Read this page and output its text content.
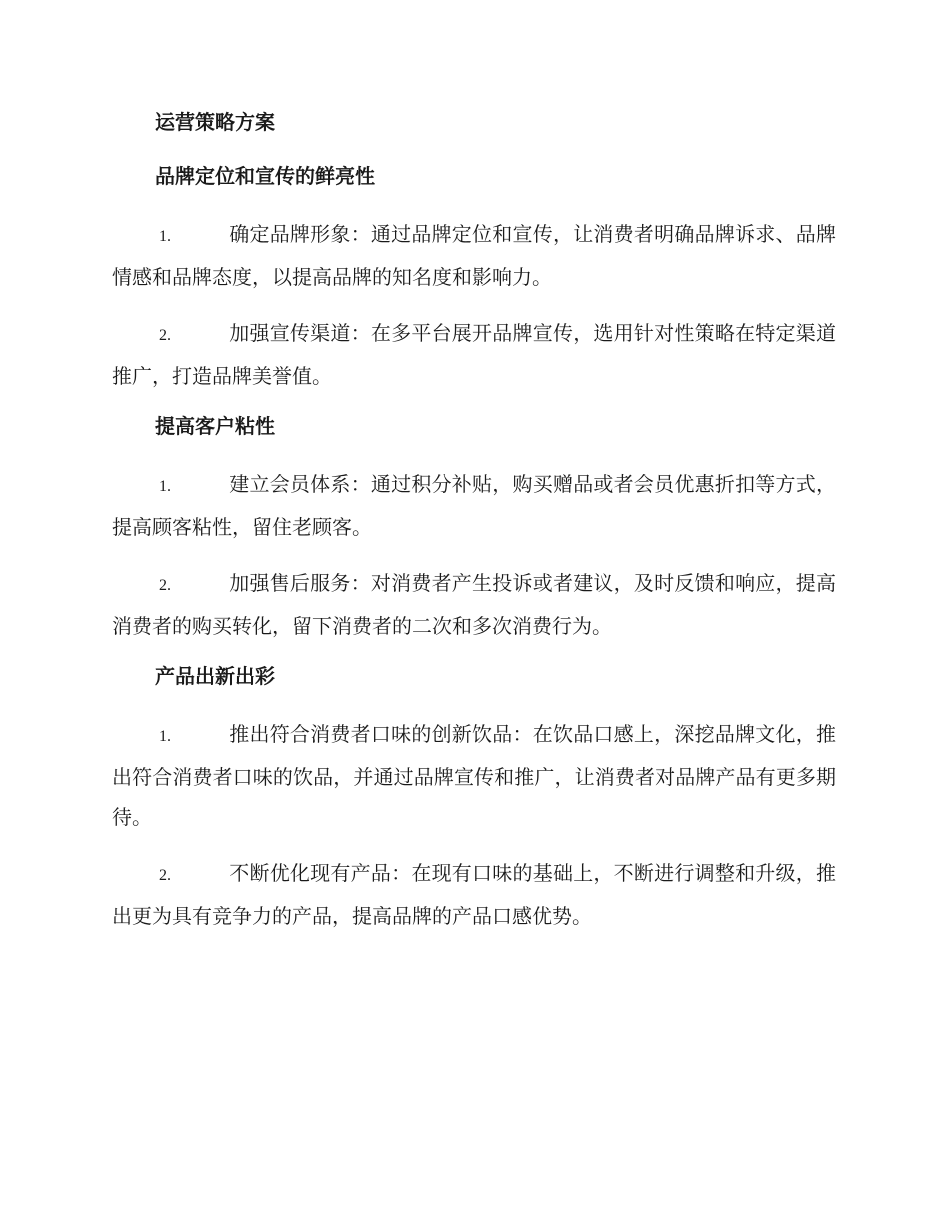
运营策略方案
品牌定位和宣传的鲜亮性

1.	确定品牌形象：通过品牌定位和宣传，让消费者明确品牌诉求、品牌情感和品牌态度，以提高品牌的知名度和影响力。

2.	加强宣传渠道：在多平台展开品牌宣传，选用针对性策略在特定渠道推广，打造品牌美誉值。

提高客户粘性

1.	建立会员体系：通过积分补贴，购买赠品或者会员优惠折扣等方式，提高顾客粘性，留住老顾客。

2.	加强售后服务：对消费者产生投诉或者建议，及时反馈和响应，提高消费者的购买转化，留下消费者的二次和多次消费行为。

产品出新出彩

1.	推出符合消费者口味的创新饮品：在饮品口感上，深挖品牌文化，推出符合消费者口味的饮品，并通过品牌宣传和推广，让消费者对品牌产品有更多期待。

2.	不断优化现有产品：在现有口味的基础上，不断进行调整和升级，推出更为具有竞争力的产品，提高品牌的产品口感优势。
